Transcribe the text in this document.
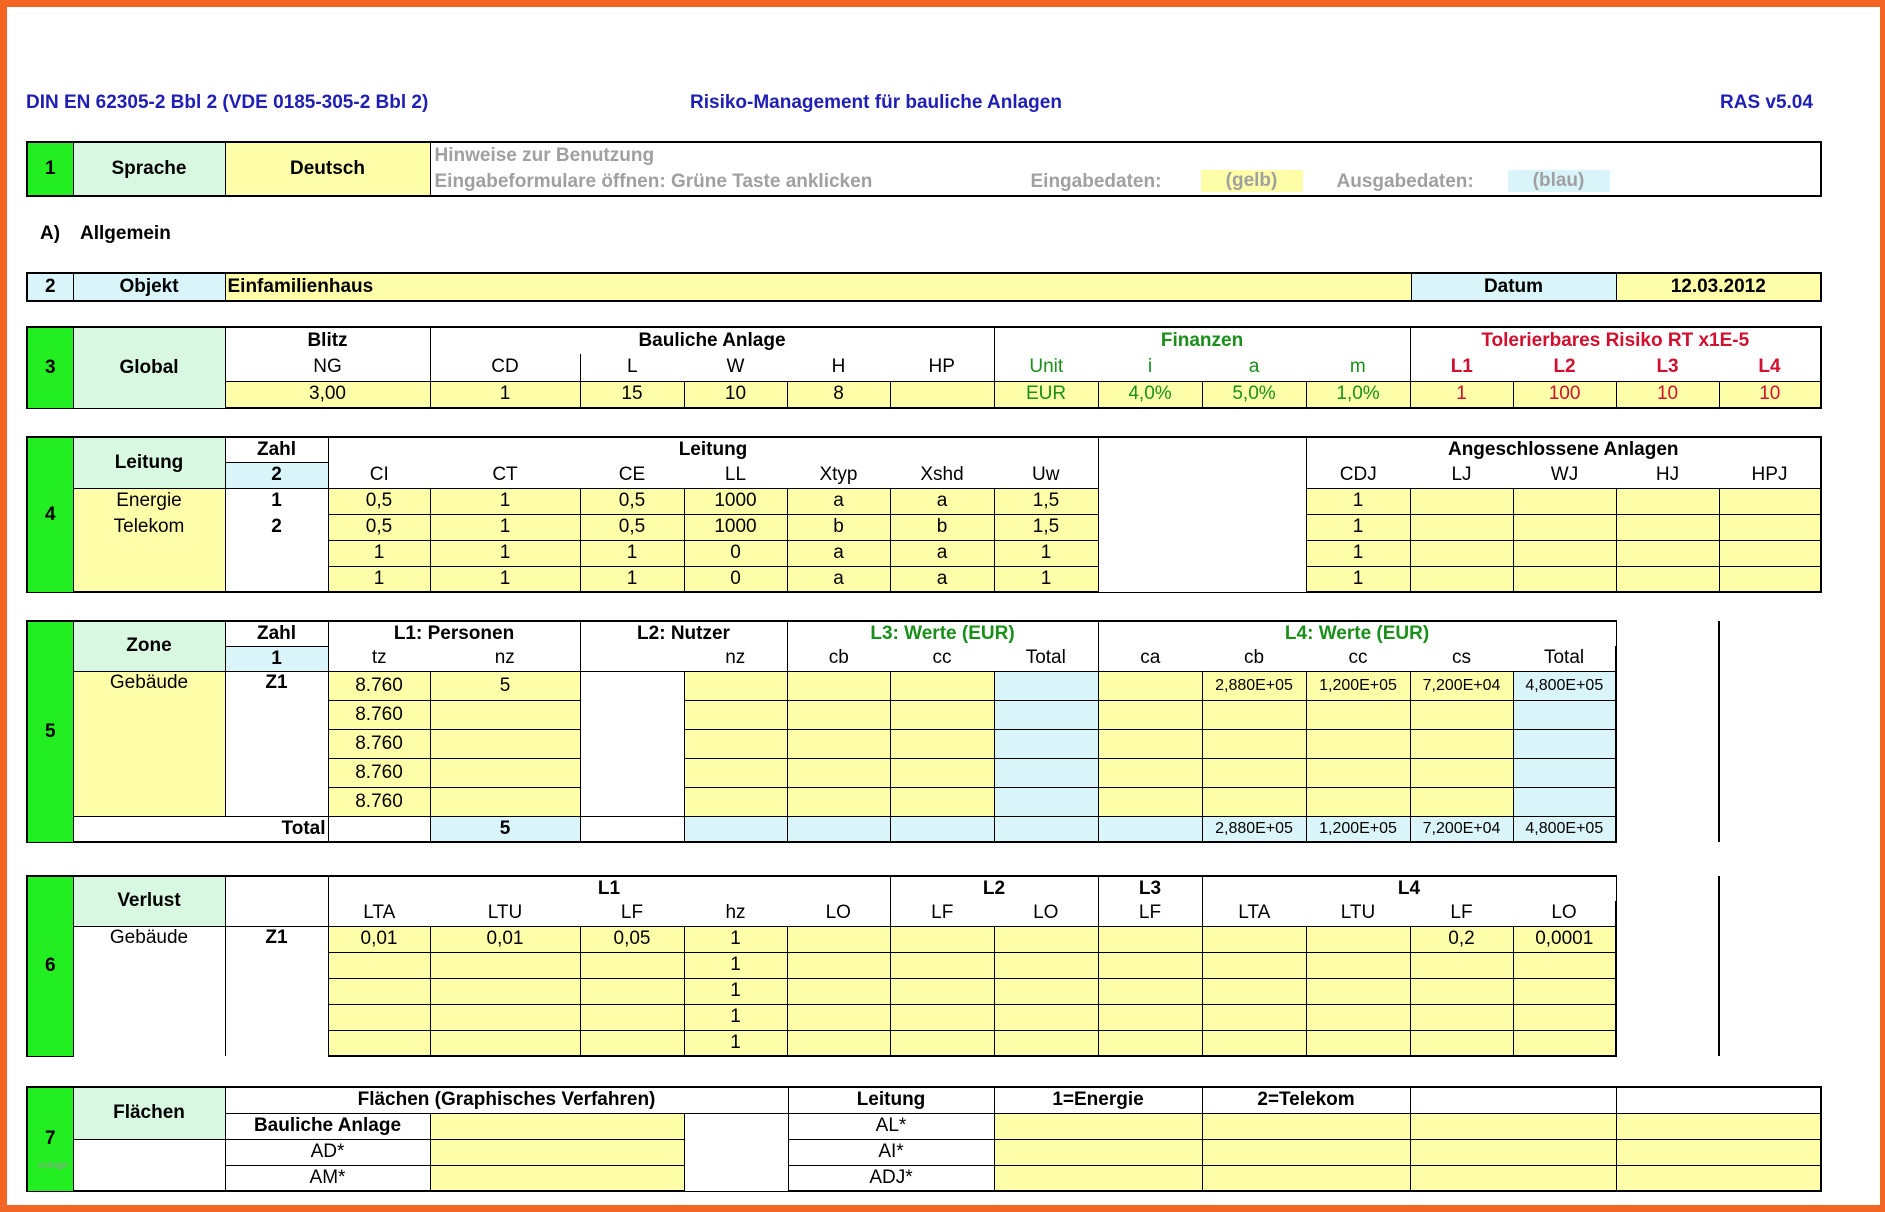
DIN EN 62305-2 Bbl 2 (VDE 0185-305-2 Bbl 2)	Risiko-Management für bauliche Anlagen	RAS v5.04
1	Sprache	Deutsch	
Hinweise zur Benutzung
Eingabeformulare öffnen: Grüne Taste anklicken	Eingabedaten:	(gelb)	Ausgabedaten:	(blau)
A) Allgemein
2	Objekt	Einfamilienhaus	Datum	12.03.2012
3	Global	Blitz	Bauliche Anlage					Finanzen				Tolerierbares Risiko RT x1E-5			
		NG	CD	L	W	H	HP	Unit	i	a	m	L1	L2	L3	L4
		3,00	1	15	10	8		EUR	4,0%	5,0%	1,0%	1	100	10	10
4	Leitung	Zahl	Leitung								Angeschlossene Anlagen				
		2	CI	CT	CE	LL	Xtyp	Xshd	Uw		CDJ	LJ	WJ	HJ	HPJ
	Energie	1	0,5	1	0,5	1000	a	a	1,5		1				
	Telekom	2	0,5	1	0,5	1000	b	b	1,5		1				
			1	1	1	0	a	a	1		1				
			1	1	1	0	a	a	1		1				
5	Zone	Zahl	L1: Personen		L2: Nutzer		L3: Werte (EUR)			L4: Werte (EUR)					
		1	tz	nz		nz	cb	cc	Total	ca	cb	cc	cs	Total	
	Gebäude	Z1	8.760	5							2,880E+05	1,200E+05	7,200E+04	4,800E+05	
			8.760												
			8.760												
			8.760												
			8.760												
	Total			5							2,880E+05	1,200E+05	7,200E+04	4,800E+05	
6	Verlust		L1					L2		L3	L4				
			LTA	LTU	LF	hz	LO	LF	LO	LF	LTA	LTU	LF	LO	
	Gebäude	Z1	0,01	0,01	0,05	1							0,2	0,0001	
						1									
						1									
						1									
						1									
7	Flächen	Flächen (Graphisches Verfahren)			Leitung	1=Energie	2=Telekom		
		Bauliche Anlage			AL*				
		AD*			AI*				
		AM*			ADJ*				
vorlage
